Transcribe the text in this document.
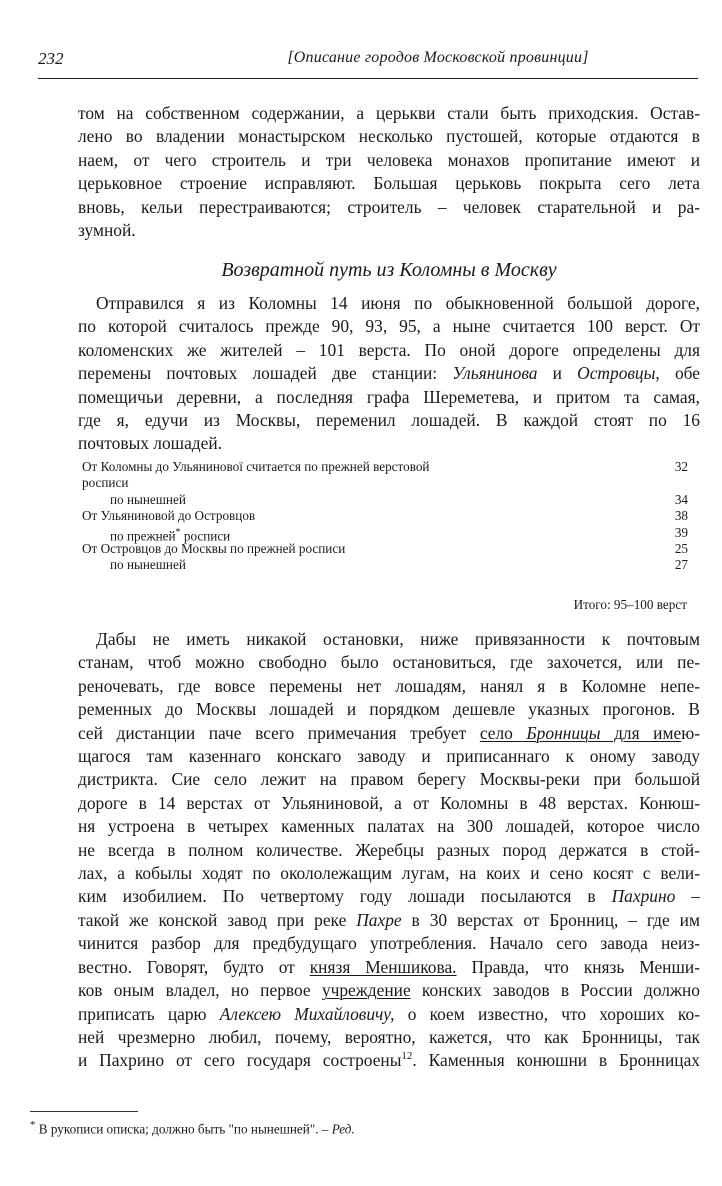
232	[Описание городов Московской провинции]
том на собственном содержании, а церькви стали быть приходския. Остав-
лено во владении монастырском несколько пустошей, которые отдаются в
наем, от чего строитель и три человека монахов пропитание имеют и
церьковное строение исправляют. Большая церьковь покрыта сего лета
вновь, кельи перестраиваются; строитель – человек старательной и ра-
зумной.
Возвратной путь из Коломны в Москву
Отправился я из Коломны 14 июня по обыкновенной большой дороге,
по которой считалось прежде 90, 93, 95, а ныне считается 100 верст. От
коломенских же жителей – 101 верста. По оной дороге определены для
перемены почтовых лошадей две станции: Ульянинова и Островцы, обе
помещичьи деревни, а последняя графа Шереметева, и притом та самая,
где я, едучи из Москвы, переменил лошадей. В каждой стоят по 16
почтовых лошадей.
От Коломны до Ульянинової считается по прежней верстовой	32
росписи
по нынешней	34
От Ульяниновой до Островцов	38
по прежней* росписи	39
От Островцов до Москвы по прежней росписи	25
по нынешней	27
Итого: 95–100 верст
Дабы не иметь никакой остановки, ниже привязанности к почтовым
станам, чтоб можно свободно было остановиться, где захочется, или пе-
реночевать, где вовсе перемены нет лошадям, нанял я в Коломне непе-
ременных до Москвы лошадей и порядком дешевле указных прогонов. В
сей дистанции паче всего примечания требует село Бронницы для имею-
щагося там казеннаго конскаго заводу и приписаннаго к оному заводу
дистрикта. Сие село лежит на правом берегу Москвы-реки при большой
дороге в 14 верстах от Ульяниновой, а от Коломны в 48 верстах. Конюш-
ня устроена в четырех каменных палатах на 300 лошадей, которое число
не всегда в полном количестве. Жеребцы разных пород держатся в стой-
лах, а кобылы ходят по окололежащим лугам, на коих и сено косят с вели-
ким изобилием. По четвертому году лошади посылаются в Пахрино –
такой же конской завод при реке Пахре в 30 верстах от Бронниц, – где им
чинится разбор для предбудущаго употребления. Начало сего завода неиз-
вестно. Говорят, будто от князя Меншикова. Правда, что князь Менши-
ков оным владел, но первое учреждение конских заводов в России должно
приписать царю Алексею Михайловичу, о коем известно, что хороших ко-
ней чрезмерно любил, почему, вероятно, кажется, что как Бронницы, так
и Пахрино от сего государя состроены$^{12}$. Каменныя конюшни в Бронницах
* В рукописи описка; должно быть "по нынешней". – Ред.
